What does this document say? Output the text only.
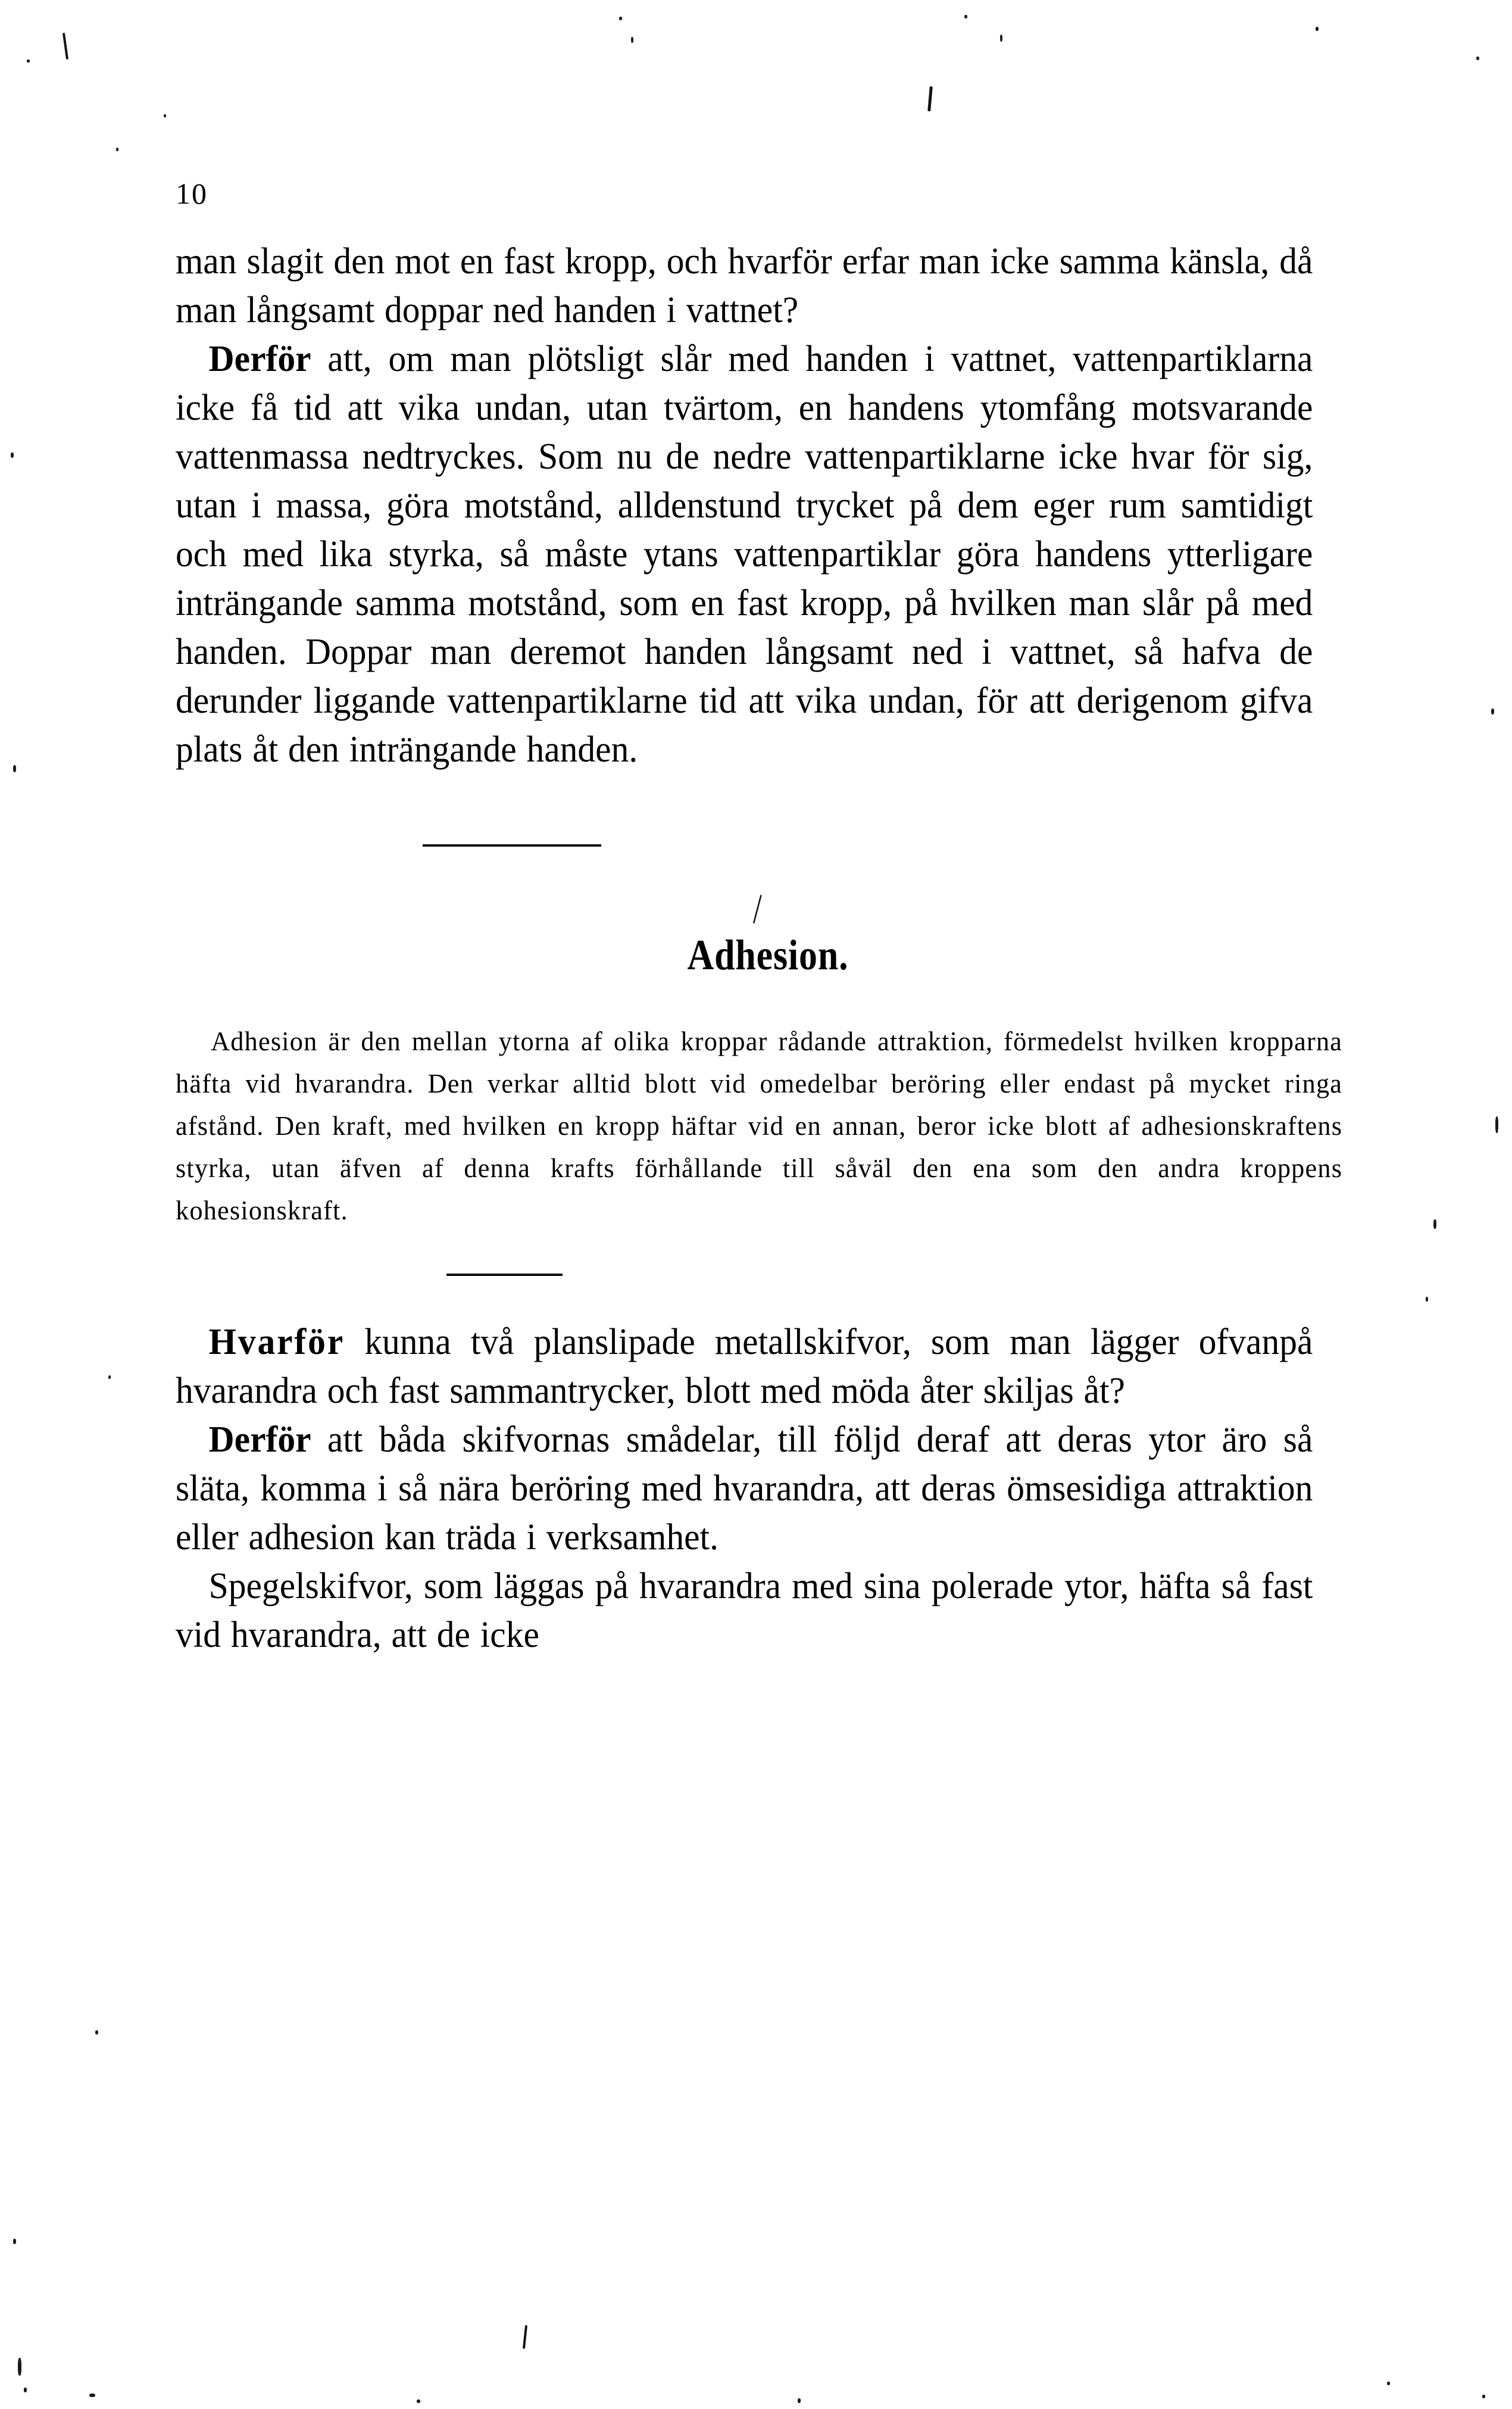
10

man slagit den mot en fast kropp, och hvarför erfar man icke samma känsla, då man långsamt doppar ned handen i vattnet?

Derför att, om man plötsligt slår med handen i vattnet, vattenpartiklarna icke få tid att vika undan, utan tvärtom, en handens ytomfång motsvarande vattenmassa nedtryckes. Som nu de nedre vattenpartiklarne icke hvar för sig, utan i massa, göra motstånd, alldenstund trycket på dem eger rum samtidigt och med lika styrka, så måste ytans vattenpartiklar göra handens ytterligare inträngande samma motstånd, som en fast kropp, på hvilken man slår på med handen. Doppar man deremot handen långsamt ned i vattnet, så hafva de derunder liggande vattenpartiklarne tid att vika undan, för att derigenom gifva plats åt den inträngande handen.

Adhesion.

Adhesion är den mellan ytorna af olika kroppar rådande attraktion, förmedelst hvilken kropparna häfta vid hvarandra. Den verkar alltid blott vid omedelbar beröring eller endast på mycket ringa afstånd. Den kraft, med hvilken en kropp häftar vid en annan, beror icke blott af adhesionskraftens styrka, utan äfven af denna krafts förhållande till såväl den ena som den andra kroppens kohesionskraft.

Hvarför kunna två planslipade metallskifvor, som man lägger ofvanpå hvarandra och fast sammantrycker, blott med möda åter skiljas åt?

Derför att båda skifvornas smådelar, till följd deraf att deras ytor äro så släta, komma i så nära beröring med hvarandra, att deras ömsesidiga attraktion eller adhesion kan träda i verksamhet.

Spegelskifvor, som läggas på hvarandra med sina polerade ytor, häfta så fast vid hvarandra, att de icke
